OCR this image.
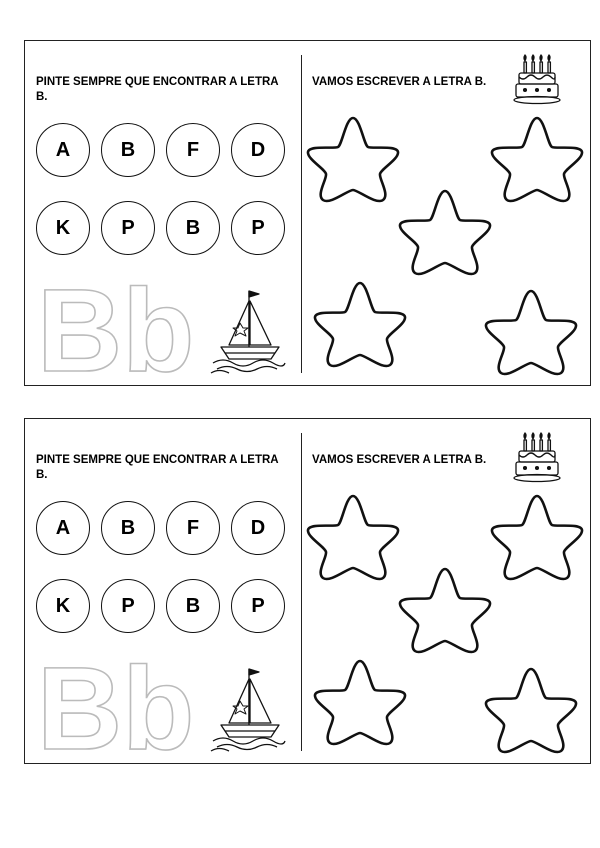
PINTE SEMPRE QUE ENCONTRAR A LETRA B.
A	B	F	D
K	P	B	P
Bb
VAMOS ESCREVER A LETRA B.
PINTE SEMPRE QUE ENCONTRAR A LETRA B.
A	B	F	D
K	P	B	P
Bb
VAMOS ESCREVER A LETRA B.
